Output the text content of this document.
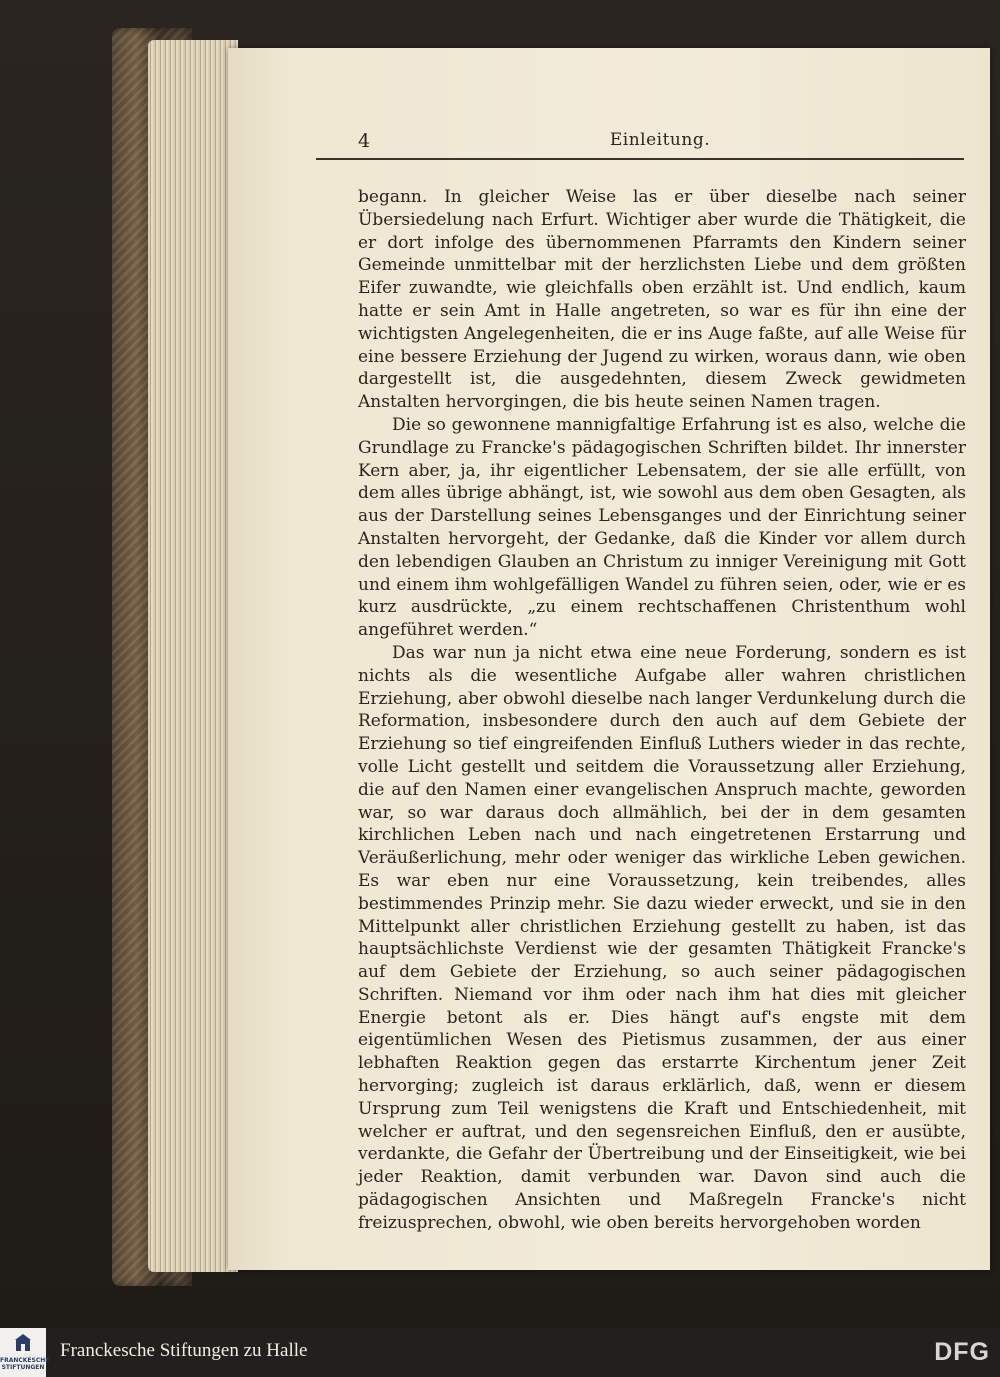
4	Einleitung.

begann. In gleicher Weise las er über dieselbe nach seiner Übersiedelung nach Erfurt. Wichtiger aber wurde die Thätigkeit, die er dort infolge des übernommenen Pfarramts den Kindern seiner Gemeinde unmittelbar mit der herzlichsten Liebe und dem größten Eifer zuwandte, wie gleichfalls oben erzählt ist. Und endlich, kaum hatte er sein Amt in Halle angetreten, so war es für ihn eine der wichtigsten Angelegenheiten, die er ins Auge faßte, auf alle Weise für eine bessere Erziehung der Jugend zu wirken, woraus dann, wie oben dargestellt ist, die ausgedehnten, diesem Zweck gewidmeten Anstalten hervorgingen, die bis heute seinen Namen tragen.

Die so gewonnene mannigfaltige Erfahrung ist es also, welche die Grundlage zu Francke's pädagogischen Schriften bildet. Ihr innerster Kern aber, ja, ihr eigentlicher Lebensatem, der sie alle erfüllt, von dem alles übrige abhängt, ist, wie sowohl aus dem oben Gesagten, als aus der Darstellung seines Lebensganges und der Einrichtung seiner Anstalten hervorgeht, der Gedanke, daß die Kinder vor allem durch den lebendigen Glauben an Christum zu inniger Vereinigung mit Gott und einem ihm wohlgefälligen Wandel zu führen seien, oder, wie er es kurz ausdrückte, „zu einem rechtschaffenen Christenthum wohl angeführet werden.“

Das war nun ja nicht etwa eine neue Forderung, sondern es ist nichts als die wesentliche Aufgabe aller wahren christlichen Erziehung, aber obwohl dieselbe nach langer Verdunkelung durch die Reformation, insbesondere durch den auch auf dem Gebiete der Erziehung so tief eingreifenden Einfluß Luthers wieder in das rechte, volle Licht gestellt und seitdem die Voraussetzung aller Erziehung, die auf den Namen einer evangelischen Anspruch machte, geworden war, so war daraus doch allmählich, bei der in dem gesamten kirchlichen Leben nach und nach eingetretenen Erstarrung und Veräußerlichung, mehr oder weniger das wirkliche Leben gewichen. Es war eben nur eine Voraussetzung, kein treibendes, alles bestimmendes Prinzip mehr. Sie dazu wieder erweckt, und sie in den Mittelpunkt aller christlichen Erziehung gestellt zu haben, ist das hauptsächlichste Verdienst wie der gesamten Thätigkeit Francke's auf dem Gebiete der Erziehung, so auch seiner pädagogischen Schriften. Niemand vor ihm oder nach ihm hat dies mit gleicher Energie betont als er. Dies hängt auf's engste mit dem eigentümlichen Wesen des Pietismus zusammen, der aus einer lebhaften Reaktion gegen das erstarrte Kirchentum jener Zeit hervorging; zugleich ist daraus erklärlich, daß, wenn er diesem Ursprung zum Teil wenigstens die Kraft und Entschiedenheit, mit welcher er auftrat, und den segensreichen Einfluß, den er ausübte, verdankte, die Gefahr der Übertreibung und der Einseitigkeit, wie bei jeder Reaktion, damit verbunden war. Davon sind auch die pädagogischen Ansichten und Maßregeln Francke's nicht freizusprechen, obwohl, wie oben bereits hervorgehoben worden

FRANCKESCHE
STIFTUNGEN
Franckesche Stiftungen zu Halle	DFG
